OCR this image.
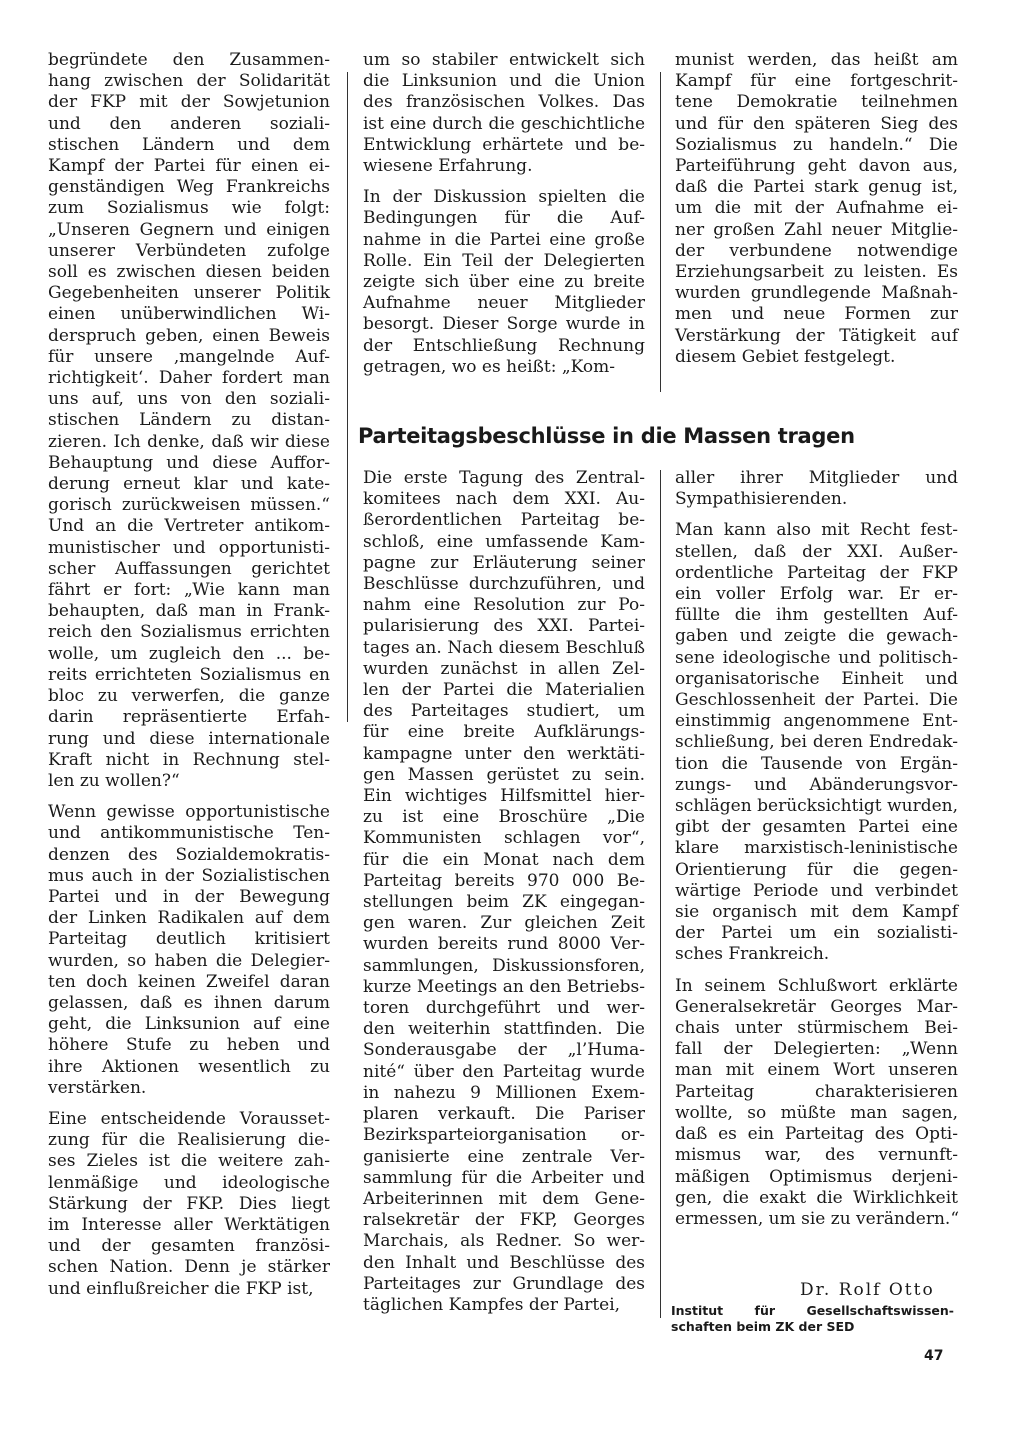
begründete den Zusammen-
hang zwischen der Solidarität
der FKP mit der Sowjetunion
und den anderen soziali-
stischen Ländern und dem
Kampf der Partei für einen ei-
genständigen Weg Frankreichs
zum Sozialismus wie folgt:
„Unseren Gegnern und einigen
unserer Verbündeten zufolge
soll es zwischen diesen beiden
Gegebenheiten unserer Politik
einen unüberwindlichen Wi-
derspruch geben, einen Beweis
für unsere ‚mangelnde Auf-
richtigkeit‘. Daher fordert man
uns auf, uns von den soziali-
stischen Ländern zu distan-
zieren. Ich denke, daß wir diese
Behauptung und diese Auffor-
derung erneut klar und kate-
gorisch zurückweisen müssen.“
Und an die Vertreter antikom-
munistischer und opportunisti-
scher Auffassungen gerichtet
fährt er fort: „Wie kann man
behaupten, daß man in Frank-
reich den Sozialismus errichten
wolle, um zugleich den ... be-
reits errichteten Sozialismus en
bloc zu verwerfen, die ganze
darin repräsentierte Erfah-
rung und diese internationale
Kraft nicht in Rechnung stel-
len zu wollen?“
Wenn gewisse opportunistische
und antikommunistische Ten-
denzen des Sozialdemokratis-
mus auch in der Sozialistischen
Partei und in der Bewegung
der Linken Radikalen auf dem
Parteitag deutlich kritisiert
wurden, so haben die Delegier-
ten doch keinen Zweifel daran
gelassen, daß es ihnen darum
geht, die Linksunion auf eine
höhere Stufe zu heben und
ihre Aktionen wesentlich zu
verstärken.
Eine entscheidende Vorausset-
zung für die Realisierung die-
ses Zieles ist die weitere zah-
lenmäßige und ideologische
Stärkung der FKP. Dies liegt
im Interesse aller Werktätigen
und der gesamten französi-
schen Nation. Denn je stärker
und einflußreicher die FKP ist,
um so stabiler entwickelt sich
die Linksunion und die Union
des französischen Volkes. Das
ist eine durch die geschichtliche
Entwicklung erhärtete und be-
wiesene Erfahrung.
In der Diskussion spielten die
Bedingungen für die Auf-
nahme in die Partei eine große
Rolle. Ein Teil der Delegierten
zeigte sich über eine zu breite
Aufnahme neuer Mitglieder
besorgt. Dieser Sorge wurde in
der Entschließung Rechnung
getragen, wo es heißt: „Kom-
munist werden, das heißt am
Kampf für eine fortgeschrit-
tene Demokratie teilnehmen
und für den späteren Sieg des
Sozialismus zu handeln.“ Die
Parteiführung geht davon aus,
daß die Partei stark genug ist,
um die mit der Aufnahme ei-
ner großen Zahl neuer Mitglie-
der verbundene notwendige
Erziehungsarbeit zu leisten. Es
wurden grundlegende Maßnah-
men und neue Formen zur
Verstärkung der Tätigkeit auf
diesem Gebiet festgelegt.
Parteitagsbeschlüsse in die Massen tragen
Die erste Tagung des Zentral-
komitees nach dem XXI. Au-
ßerordentlichen Parteitag be-
schloß, eine umfassende Kam-
pagne zur Erläuterung seiner
Beschlüsse durchzuführen, und
nahm eine Resolution zur Po-
pularisierung des XXI. Partei-
tages an. Nach diesem Beschluß
wurden zunächst in allen Zel-
len der Partei die Materialien
des Parteitages studiert, um
für eine breite Aufklärungs-
kampagne unter den werktäti-
gen Massen gerüstet zu sein.
Ein wichtiges Hilfsmittel hier-
zu ist eine Broschüre „Die
Kommunisten schlagen vor“,
für die ein Monat nach dem
Parteitag bereits 970 000 Be-
stellungen beim ZK eingegan-
gen waren. Zur gleichen Zeit
wurden bereits rund 8000 Ver-
sammlungen, Diskussionsforen,
kurze Meetings an den Betriebs-
toren durchgeführt und wer-
den weiterhin stattfinden. Die
Sonderausgabe der „l’Huma-
nité“ über den Parteitag wurde
in nahezu 9 Millionen Exem-
plaren verkauft. Die Pariser
Bezirksparteiorganisation or-
ganisierte eine zentrale Ver-
sammlung für die Arbeiter und
Arbeiterinnen mit dem Gene-
ralsekretär der FKP, Georges
Marchais, als Redner. So wer-
den Inhalt und Beschlüsse des
Parteitages zur Grundlage des
täglichen Kampfes der Partei,
aller ihrer Mitglieder und
Sympathisierenden.
Man kann also mit Recht fest-
stellen, daß der XXI. Außer-
ordentliche Parteitag der FKP
ein voller Erfolg war. Er er-
füllte die ihm gestellten Auf-
gaben und zeigte die gewach-
sene ideologische und politisch-
organisatorische Einheit und
Geschlossenheit der Partei. Die
einstimmig angenommene Ent-
schließung, bei deren Endredak-
tion die Tausende von Ergän-
zungs- und Abänderungsvor-
schlägen berücksichtigt wurden,
gibt der gesamten Partei eine
klare marxistisch-leninistische
Orientierung für die gegen-
wärtige Periode und verbindet
sie organisch mit dem Kampf
der Partei um ein sozialisti-
sches Frankreich.
In seinem Schlußwort erklärte
Generalsekretär Georges Mar-
chais unter stürmischem Bei-
fall der Delegierten: „Wenn
man mit einem Wort unseren
Parteitag charakterisieren
wollte, so müßte man sagen,
daß es ein Parteitag des Opti-
mismus war, des vernunft-
mäßigen Optimismus derjeni-
gen, die exakt die Wirklichkeit
ermessen, um sie zu verändern.“
Dr. Rolf Otto
Institut für Gesellschaftswissen-
schaften beim ZK der SED
47
